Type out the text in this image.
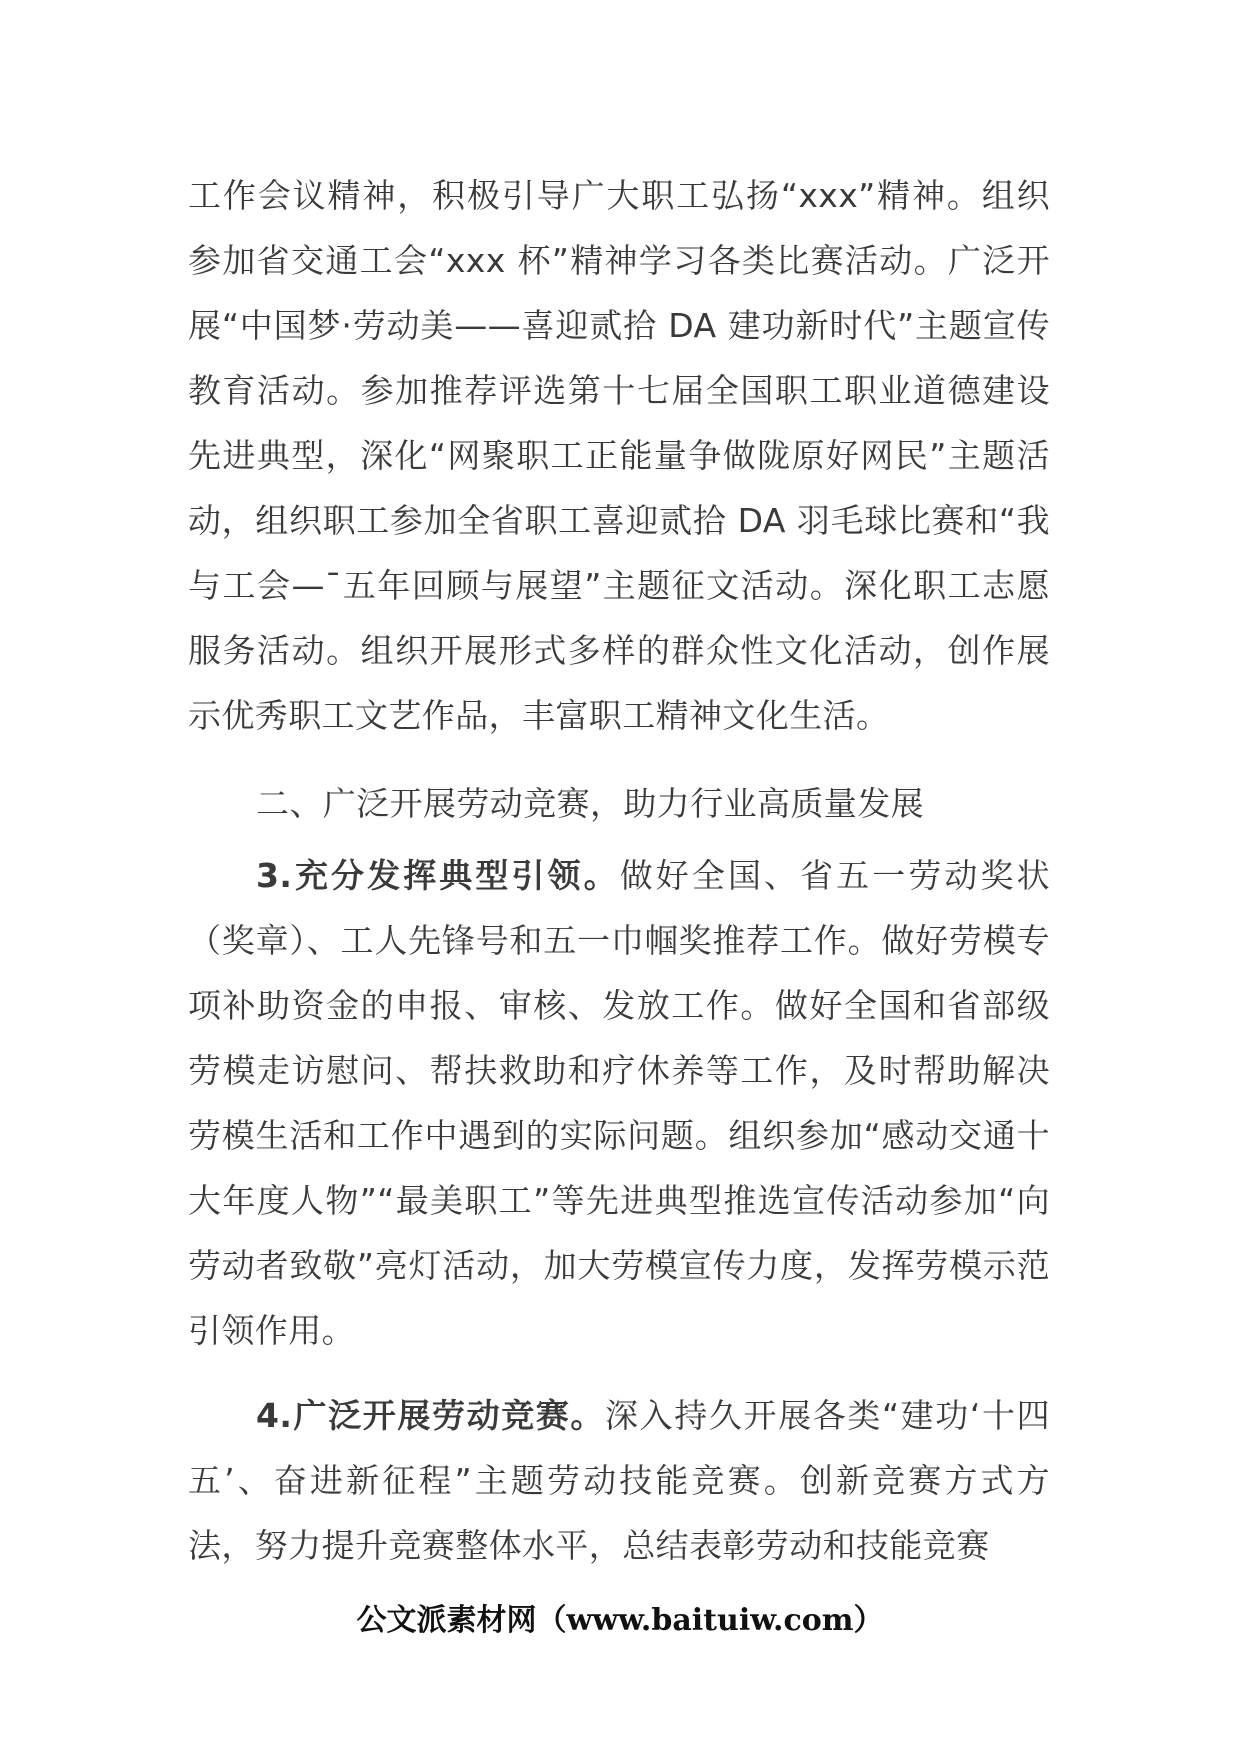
工作会议精神，积极引导广大职工弘扬“xxx”精神。组织参加省交通工会“xxx 杯”精神学习各类比赛活动。广泛开展“中国梦·劳动美——喜迎贰拾 DA 建功新时代”主题宣传教育活动。参加推荐评选第十七届全国职工职业道德建设先进典型，深化“网聚职工正能量争做陇原好网民”主题活动，组织职工参加全省职工喜迎贰拾 DA 羽毛球比赛和“我与工会—¯五年回顾与展望”主题征文活动。深化职工志愿服务活动。组织开展形式多样的群众性文化活动，创作展示优秀职工文艺作品，丰富职工精神文化生活。
二、广泛开展劳动竞赛，助力行业高质量发展
3.充分发挥典型引领。做好全国、省五一劳动奖状（奖章）、工人先锋号和五一巾帼奖推荐工作。做好劳模专项补助资金的申报、审核、发放工作。做好全国和省部级劳模走访慰问、帮扶救助和疗休养等工作，及时帮助解决劳模生活和工作中遇到的实际问题。组织参加“感动交通十大年度人物”“最美职工”等先进典型推选宣传活动参加“向劳动者致敬”亮灯活动，加大劳模宣传力度，发挥劳模示范引领作用。
4.广泛开展劳动竞赛。深入持久开展各类“建功‘十四五’、奋进新征程”主题劳动技能竞赛。创新竞赛方式方法，努力提升竞赛整体水平，总结表彰劳动和技能竞赛
公文派素材网（www.baituiw.com）
